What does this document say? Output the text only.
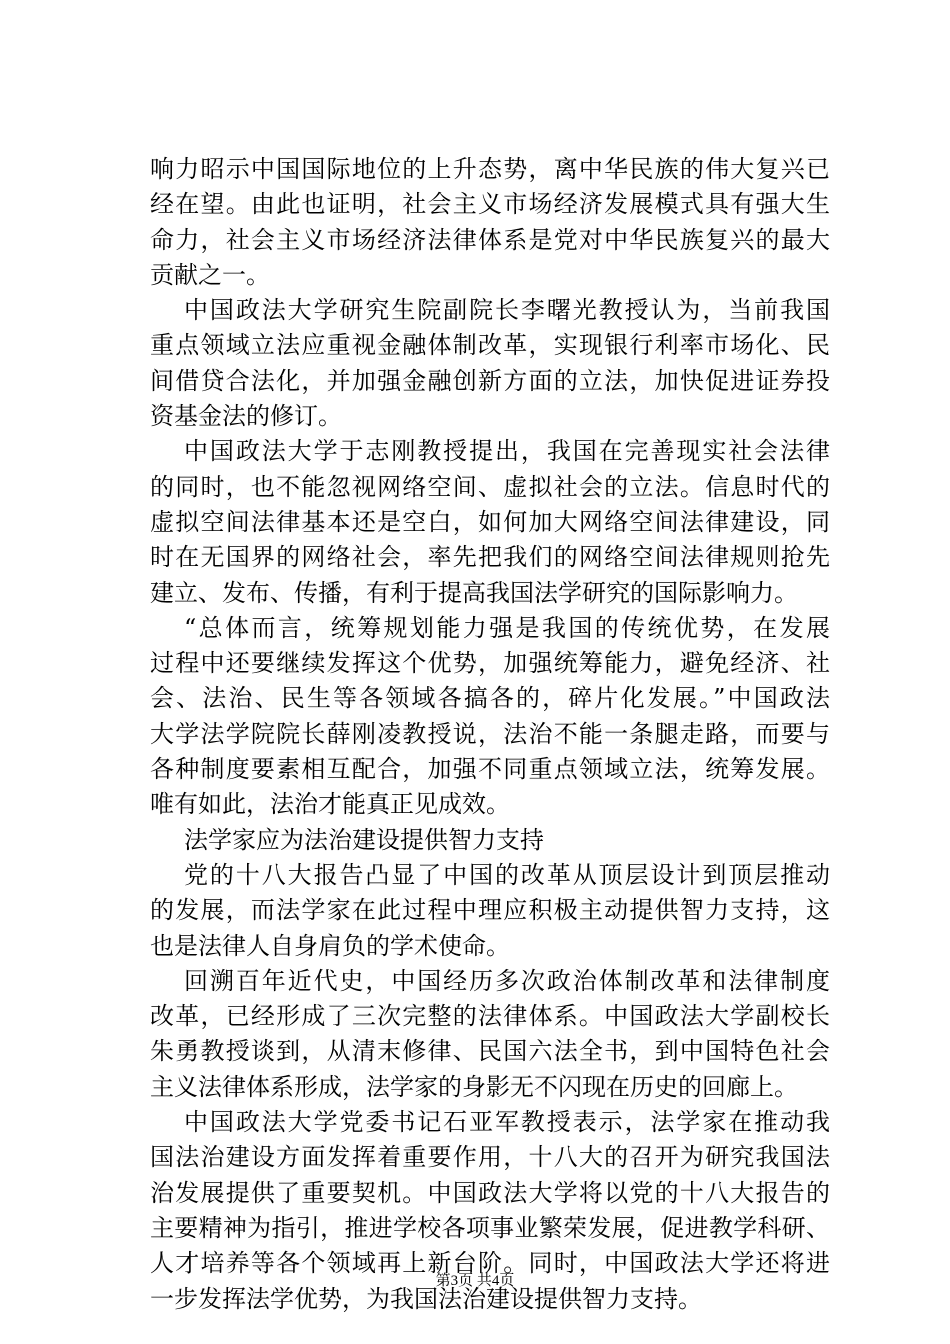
响力昭示中国国际地位的上升态势，离中华民族的伟大复兴已
经在望。由此也证明，社会主义市场经济发展模式具有强大生
命力，社会主义市场经济法律体系是党对中华民族复兴的最大
贡献之一。
中国政法大学研究生院副院长李曙光教授认为，当前我国
重点领域立法应重视金融体制改革，实现银行利率市场化、民
间借贷合法化，并加强金融创新方面的立法，加快促进证券投
资基金法的修订。
中国政法大学于志刚教授提出，我国在完善现实社会法律
的同时，也不能忽视网络空间、虚拟社会的立法。信息时代的
虚拟空间法律基本还是空白，如何加大网络空间法律建设，同
时在无国界的网络社会，率先把我们的网络空间法律规则抢先
建立、发布、传播，有利于提高我国法学研究的国际影响力。
“总体而言，统筹规划能力强是我国的传统优势，在发展
过程中还要继续发挥这个优势，加强统筹能力，避免经济、社
会、法治、民生等各领域各搞各的，碎片化发展。”中国政法
大学法学院院长薛刚凌教授说，法治不能一条腿走路，而要与
各种制度要素相互配合，加强不同重点领域立法，统筹发展。
唯有如此，法治才能真正见成效。
法学家应为法治建设提供智力支持
党的十八大报告凸显了中国的改革从顶层设计到顶层推动
的发展，而法学家在此过程中理应积极主动提供智力支持，这
也是法律人自身肩负的学术使命。
回溯百年近代史，中国经历多次政治体制改革和法律制度
改革，已经形成了三次完整的法律体系。中国政法大学副校长
朱勇教授谈到，从清末修律、民国六法全书，到中国特色社会
主义法律体系形成，法学家的身影无不闪现在历史的回廊上。
中国政法大学党委书记石亚军教授表示，法学家在推动我
国法治建设方面发挥着重要作用，十八大的召开为研究我国法
治发展提供了重要契机。中国政法大学将以党的十八大报告的
主要精神为指引，推进学校各项事业繁荣发展，促进教学科研、
人才培养等各个领域再上新台阶。同时，中国政法大学还将进
一步发挥法学优势，为我国法治建设提供智力支持。
第3页 共4页
